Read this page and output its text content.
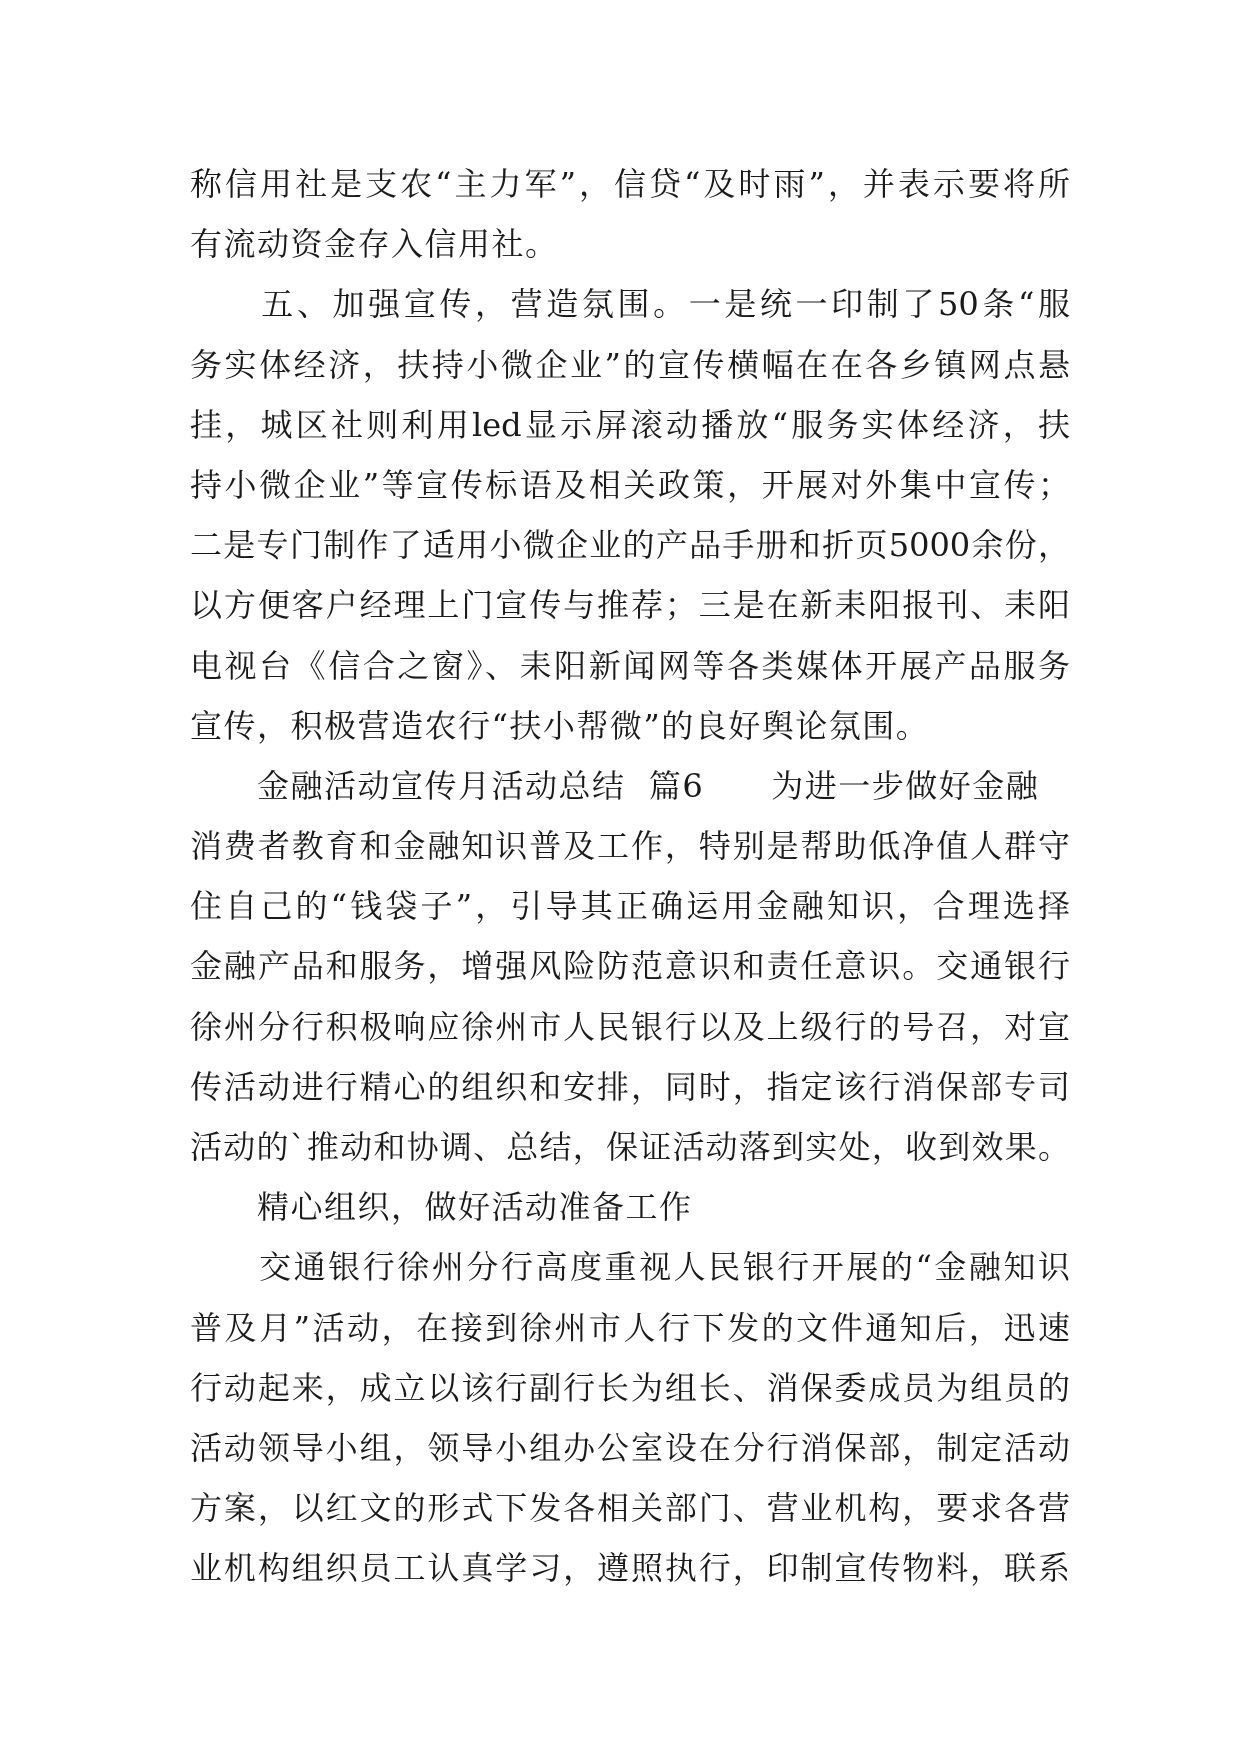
称信用社是支农“主力军”，信贷“及时雨”，并表示要将所
有流动资金存入信用社。
　　五、加强宣传，营造氛围。一是统一印制了50条“服
务实体经济，扶持小微企业”的宣传横幅在在各乡镇网点悬
挂，城区社则利用led显示屏滚动播放“服务实体经济，扶
持小微企业”等宣传标语及相关政策，开展对外集中宣传；
二是专门制作了适用小微企业的产品手册和折页5000余份，
以方便客户经理上门宣传与推荐；三是在新耒阳报刊、耒阳
电视台《信合之窗》、耒阳新闻网等各类媒体开展产品服务
宣传，积极营造农行“扶小帮微”的良好舆论氛围。
　　金融活动宣传月活动总结  篇6　　为进一步做好金融
消费者教育和金融知识普及工作，特别是帮助低净值人群守
住自己的“钱袋子”，引导其正确运用金融知识，合理选择
金融产品和服务，增强风险防范意识和责任意识。交通银行
徐州分行积极响应徐州市人民银行以及上级行的号召，对宣
传活动进行精心的组织和安排，同时，指定该行消保部专司
活动的`推动和协调、总结，保证活动落到实处，收到效果。
　　精心组织，做好活动准备工作
　　交通银行徐州分行高度重视人民银行开展的“金融知识
普及月”活动，在接到徐州市人行下发的文件通知后，迅速
行动起来，成立以该行副行长为组长、消保委成员为组员的
活动领导小组，领导小组办公室设在分行消保部，制定活动
方案，以红文的形式下发各相关部门、营业机构，要求各营
业机构组织员工认真学习，遵照执行，印制宣传物料，联系
